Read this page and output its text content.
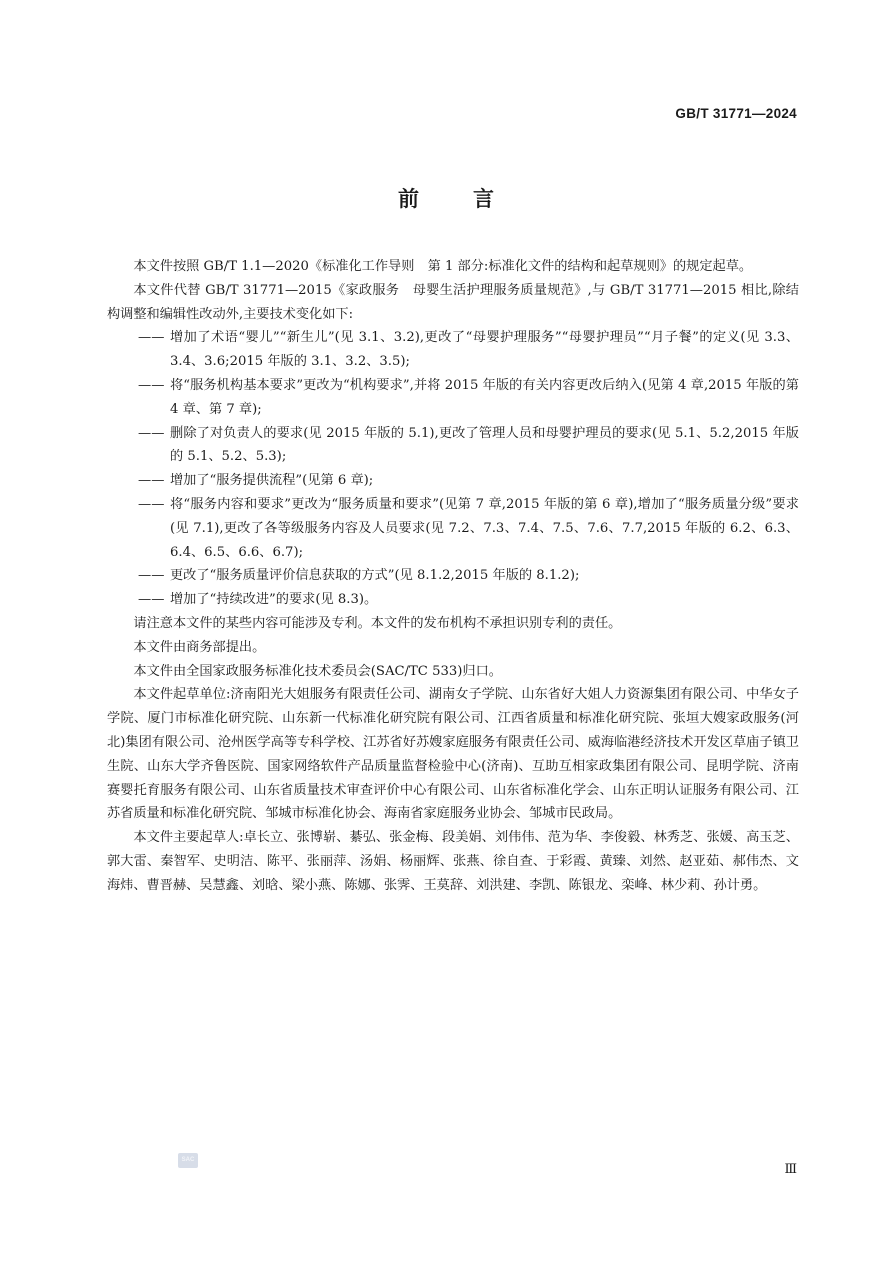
GB/T 31771—2024
前	言

本文件按照 GB/T 1.1—2020《标准化工作导则　第 1 部分:标准化文件的结构和起草规则》的规定起草。

本文件代替 GB/T 31771—2015《家政服务　母婴生活护理服务质量规范》,与 GB/T 31771—2015 相比,除结构调整和编辑性改动外,主要技术变化如下:

—— 增加了术语“婴儿”“新生儿”(见 3.1、3.2),更改了“母婴护理服务”“母婴护理员”“月子餐”的定义(见 3.3、3.4、3.6;2015 年版的 3.1、3.2、3.5);
—— 将“服务机构基本要求”更改为“机构要求”,并将 2015 年版的有关内容更改后纳入(见第 4 章,2015 年版的第 4 章、第 7 章);
—— 删除了对负责人的要求(见 2015 年版的 5.1),更改了管理人员和母婴护理员的要求(见 5.1、5.2,2015 年版的 5.1、5.2、5.3);
—— 增加了“服务提供流程”(见第 6 章);
—— 将“服务内容和要求”更改为“服务质量和要求”(见第 7 章,2015 年版的第 6 章),增加了“服务质量分级”要求(见 7.1),更改了各等级服务内容及人员要求(见 7.2、7.3、7.4、7.5、7.6、7.7,2015 年版的 6.2、6.3、6.4、6.5、6.6、6.7);
—— 更改了“服务质量评价信息获取的方式”(见 8.1.2,2015 年版的 8.1.2);
—— 增加了“持续改进”的要求(见 8.3)。

请注意本文件的某些内容可能涉及专利。本文件的发布机构不承担识别专利的责任。

本文件由商务部提出。

本文件由全国家政服务标准化技术委员会(SAC/TC 533)归口。

本文件起草单位:济南阳光大姐服务有限责任公司、湖南女子学院、山东省好大姐人力资源集团有限公司、中华女子学院、厦门市标准化研究院、山东新一代标准化研究院有限公司、江西省质量和标准化研究院、张垣大嫂家政服务(河北)集团有限公司、沧州医学高等专科学校、江苏省好苏嫂家庭服务有限责任公司、威海临港经济技术开发区草庙子镇卫生院、山东大学齐鲁医院、国家网络软件产品质量监督检验中心(济南)、互助互相家政集团有限公司、昆明学院、济南赛婴托育服务有限公司、山东省质量技术审查评价中心有限公司、山东省标准化学会、山东正明认证服务有限公司、江苏省质量和标准化研究院、邹城市标准化协会、海南省家庭服务业协会、邹城市民政局。

本文件主要起草人:卓长立、张博崭、綦弘、张金梅、段美娟、刘伟伟、范为华、李俊毅、林秀芝、张媛、高玉芝、郭大雷、秦智军、史明洁、陈平、张丽萍、汤娟、杨丽辉、张燕、徐自查、于彩霞、黄臻、刘然、赵亚茹、郝伟杰、文海炜、曹晋赫、吴慧鑫、刘晗、梁小燕、陈娜、张霁、王莫辞、刘洪建、李凯、陈银龙、栾峰、林少莉、孙计勇。

SAC
Ⅲ
